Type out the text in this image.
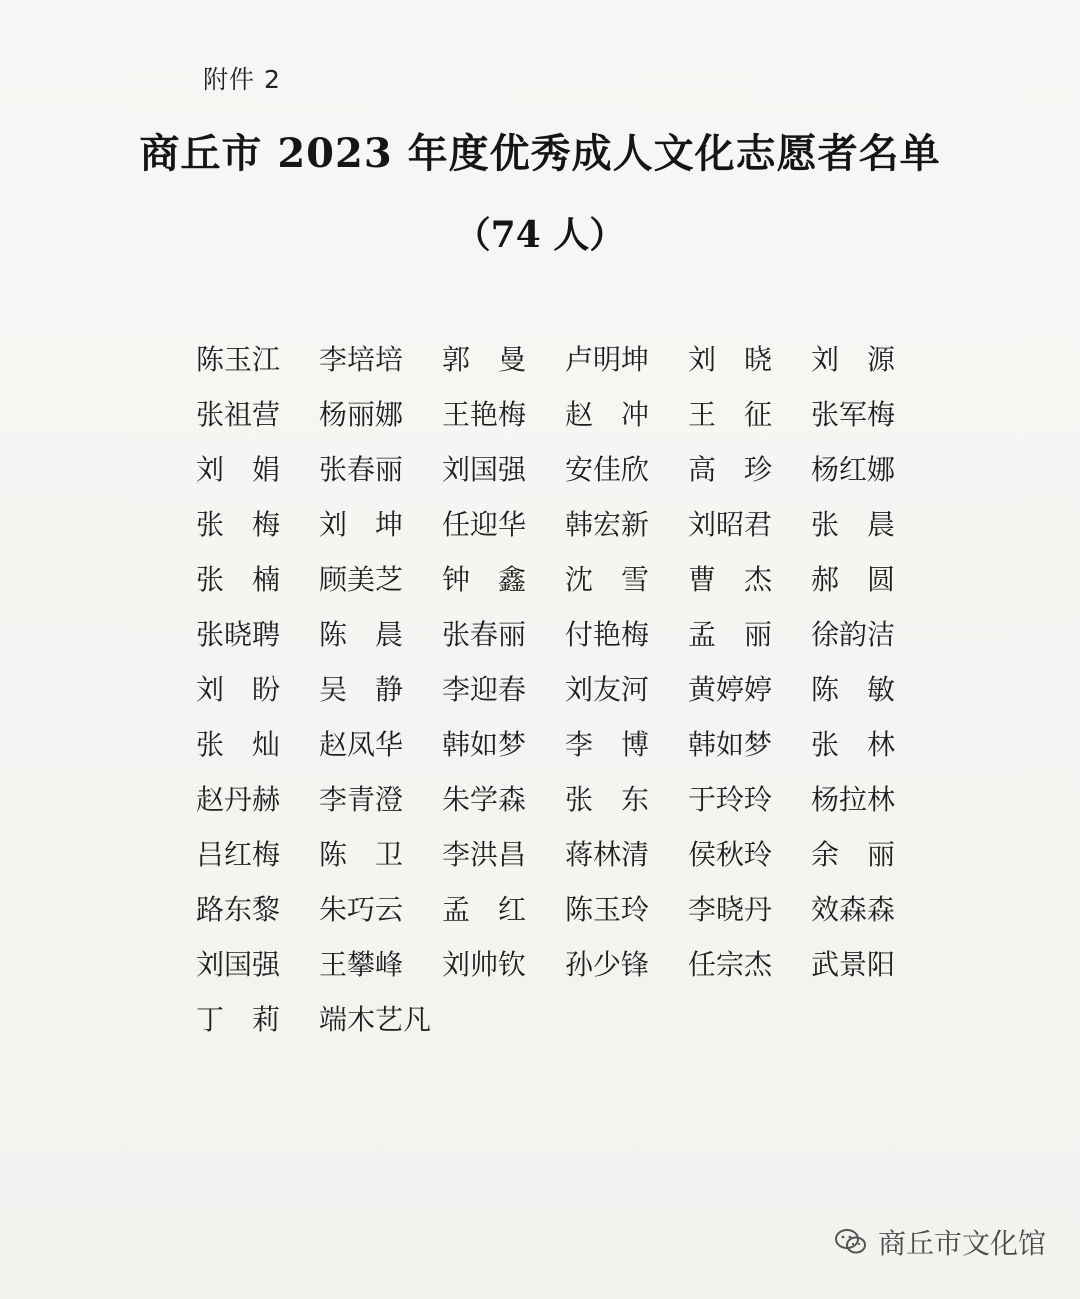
附件 2
商丘市 2023 年度优秀成人文化志愿者名单
（74 人）
陈玉江	李培培	郭　曼	卢明坤	刘　晓	刘　源
张祖营	杨丽娜	王艳梅	赵　冲	王　征	张军梅
刘　娟	张春丽	刘国强	安佳欣	高　珍	杨红娜
张　梅	刘　坤	任迎华	韩宏新	刘昭君	张　晨
张　楠	顾美芝	钟　鑫	沈　雪	曹　杰	郝　圆
张晓聘	陈　晨	张春丽	付艳梅	孟　丽	徐韵洁
刘　盼	吴　静	李迎春	刘友河	黄婷婷	陈　敏
张　灿	赵凤华	韩如梦	李　博	韩如梦	张　林
赵丹赫	李青澄	朱学森	张　东	于玲玲	杨拉林
吕红梅	陈　卫	李洪昌	蒋林清	侯秋玲	余　丽
路东黎	朱巧云	孟　红	陈玉玲	李晓丹	效森森
刘国强	王攀峰	刘帅钦	孙少锋	任宗杰	武景阳
丁　莉	端木艺凡
商丘市文化馆
